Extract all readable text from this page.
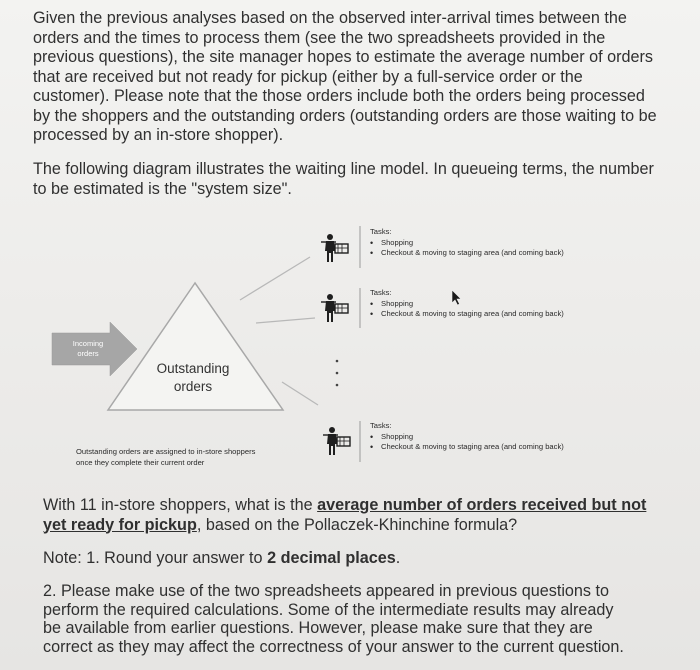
Given the previous analyses based on the observed inter-arrival times between the orders and the times to process them (see the two spreadsheets provided in the previous questions), the site manager hopes to estimate the average number of orders that are received but not ready for pickup (either by a full-service order or the customer). Please note that the those orders include both the orders being processed by the shoppers and the outstanding orders (outstanding orders are those waiting to be processed by an in-store shopper).

The following diagram illustrates the waiting line model. In queueing terms, the number to be estimated is the "system size".

Incoming
orders
Outstanding
orders
Outstanding orders are assigned to in-store shoppers
once they complete their current order
Tasks:
• Shopping
• Checkout & moving to staging area (and coming back)
Tasks:
• Shopping
• Checkout & moving to staging area (and coming back)
Tasks:
• Shopping
• Checkout & moving to staging area (and coming back)

With 11 in-store shoppers, what is the average number of orders received but not yet ready for pickup, based on the Pollaczek-Khinchine formula?

Note: 1. Round your answer to 2 decimal places.

2. Please make use of the two spreadsheets appeared in previous questions to perform the required calculations. Some of the intermediate results may already be available from earlier questions. However, please make sure that they are correct as they may affect the correctness of your answer to the current question.
